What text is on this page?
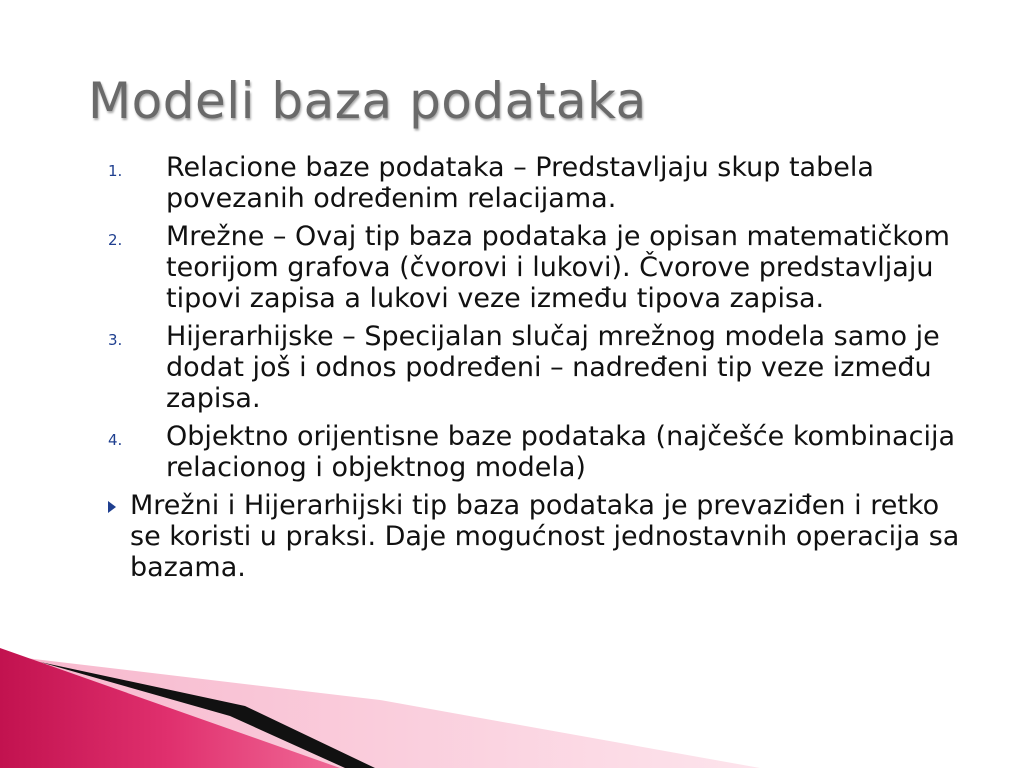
Modeli baza podataka
1. Relacione baze podataka – Predstavljaju skup tabela povezanih određenim relacijama.
2. Mrežne – Ovaj tip baza podataka je opisan matematičkom teorijom grafova (čvorovi i lukovi). Čvorove predstavljaju tipovi zapisa a lukovi veze između tipova zapisa.
3. Hijerarhijske – Specijalan slučaj mrežnog modela samo je dodat još i odnos podređeni – nadređeni tip veze između zapisa.
4. Objektno orijentisne baze podataka (najčešće kombinacija relacionog i objektnog modela)
Mrežni i Hijerarhijski tip baza podataka je prevaziđen i retko se koristi u praksi. Daje mogućnost jednostavnih operacija sa bazama.
